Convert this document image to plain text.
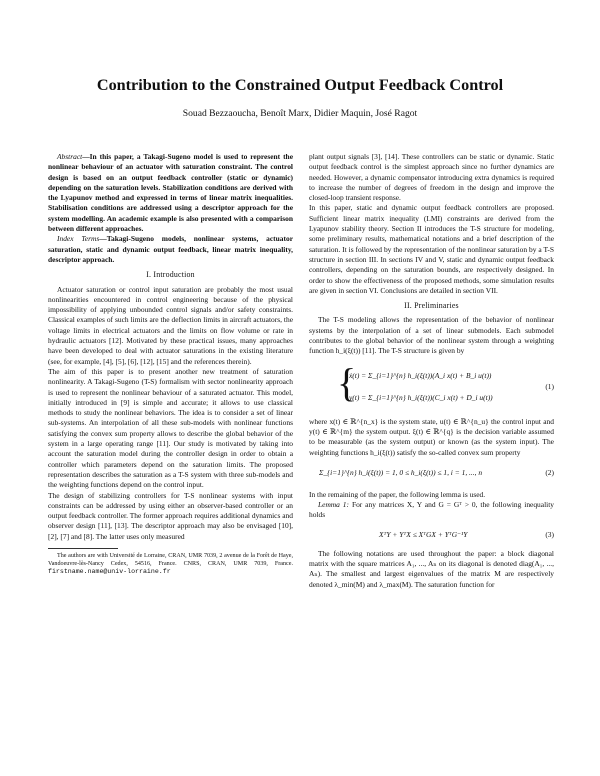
Contribution to the Constrained Output Feedback Control
Souad Bezzaoucha, Benoît Marx, Didier Maquin, José Ragot

Abstract—In this paper, a Takagi-Sugeno model is used to represent the nonlinear behaviour of an actuator with saturation constraint. The control design is based on an output feedback controller (static or dynamic) depending on the saturation levels. Stabilization conditions are derived with the Lyapunov method and expressed in terms of linear matrix inequalities. Stabilisation conditions are addressed using a descriptor approach for the system modelling. An academic example is also presented with a comparison between different approaches.

Index Terms—Takagi-Sugeno models, nonlinear systems, actuator saturation, static and dynamic output feedback, linear matrix inequality, descriptor approach.

I. Introduction

Actuator saturation or control input saturation are probably the most usual nonlinearities encountered in control engineering because of the physical impossibility of applying unbounded control signals and/or safety constraints. Classical examples of such limits are the deflection limits in aircraft actuators, the voltage limits in electrical actuators and the limits on flow volume or rate in hydraulic actuators [12]. Motivated by these practical issues, many approaches have been developed to deal with actuator saturations in the existing literature (see, for example, [4], [5], [6], [12], [15] and the references therein).

The aim of this paper is to present another new treatment of saturation nonlinearity. A Takagi-Sugeno (T-S) formalism with sector nonlinearity approach is used to represent the nonlinear behaviour of a saturated actuator. This model, initially introduced in [9] is simple and accurate; it allows to use classical methods to study the nonlinear behaviors. The idea is to consider a set of linear sub-systems. An interpolation of all these sub-models with nonlinear functions satisfying the convex sum property allows to describe the global behavior of the system in a large operating range [11]. Our study is motivated by taking into account the saturation model during the controller design in order to obtain a controller which parameters depend on the saturation limits. The proposed representation describes the saturation as a T-S system with three sub-models and the weighting functions depend on the control input.

The design of stabilizing controllers for T-S nonlinear systems with input constraints can be addressed by using either an observer-based controller or an output feedback controller. The former approach requires additional dynamics and observer design [11], [13]. The descriptor approach may also be envisaged [10], [2], [7] and [8]. The latter uses only measured

The authors are with Université de Lorraine, CRAN, UMR 7039, 2 avenue de la Forêt de Haye, Vandoeuvre-lès-Nancy Cedex, 54516, France. CNRS, CRAN, UMR 7039, France. firstname.name@univ-lorraine.fr

plant output signals [3], [14]. These controllers can be static or dynamic. Static output feedback control is the simplest approach since no further dynamics are needed. However, a dynamic compensator introducing extra dynamics is required to increase the number of degrees of freedom in the design and improve the closed-loop transient response.

In this paper, static and dynamic output feedback controllers are proposed. Sufficient linear matrix inequality (LMI) constraints are derived from the Lyapunov stability theory. Section II introduces the T-S structure for modeling, some preliminary results, mathematical notations and a brief description of the saturation. It is followed by the representation of the nonlinear saturation by a T-S structure in section III. In sections IV and V, static and dynamic output feedback controllers, depending on the saturation bounds, are respectively designed. In order to show the effectiveness of the proposed methods, some simulation results are given in section VI. Conclusions are detailed in section VII.

II. Preliminaries

The T-S modeling allows the representation of the behavior of nonlinear systems by the interpolation of a set of linear submodels. Each submodel contributes to the global behavior of the nonlinear system through a weighting function h_i(ξ(t)) [11]. The T-S structure is given by

{
ẋ(t) = Σ_{i=1}^{n} h_i(ξ(t))(A_i x(t) + B_i u(t))
y(t) = Σ_{i=1}^{n} h_i(ξ(t))(C_i x(t) + D_i u(t))
(1)

where x(t) ∈ ℝ^{n_x} is the system state, u(t) ∈ ℝ^{n_u} the control input and y(t) ∈ ℝ^{m} the system output. ξ(t) ∈ ℝ^{q} is the decision variable assumed to be measurable (as the system output) or known (as the system input). The weighting functions h_i(ξ(t)) satisfy the so-called convex sum property

Σ_{i=1}^{n} h_i(ξ(t)) = 1, 0 ≤ h_i(ξ(t)) ≤ 1, i = 1, ..., n	(2)

In the remaining of the paper, the following lemma is used.

Lemma 1: For any matrices X, Y and G = Gᵀ > 0, the following inequality holds

XᵀY + YᵀX ≤ XᵀGX + YᵀG⁻¹Y	(3)

The following notations are used throughout the paper: a block diagonal matrix with the square matrices A₁, ..., Aₙ on its diagonal is denoted diag(A₁, ..., Aₙ). The smallest and largest eigenvalues of the matrix M are respectively denoted λ_min(M) and λ_max(M). The saturation function for
